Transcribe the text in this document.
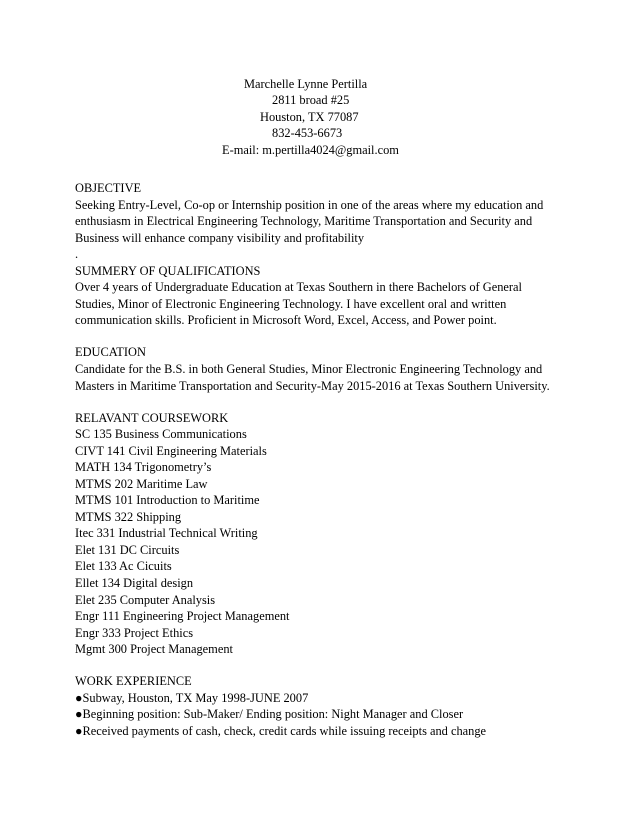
Marchelle Lynne Pertilla
2811 broad #25
Houston, TX 77087
832-453-6673
E-mail: m.pertilla4024@gmail.com
OBJECTIVE
Seeking Entry-Level, Co-op or Internship position in one of the areas where my education and
enthusiasm in Electrical Engineering Technology, Maritime Transportation and Security and
Business will enhance company visibility and profitability
.
SUMMERY OF QUALIFICATIONS
Over 4 years of Undergraduate Education at Texas Southern in there Bachelors of General
Studies, Minor of Electronic Engineering Technology. I have excellent oral and written
communication skills. Proficient in Microsoft Word, Excel, Access, and Power point.
EDUCATION
Candidate for the B.S. in both General Studies, Minor Electronic Engineering Technology and
Masters in Maritime Transportation and Security-May 2015-2016 at Texas Southern University.
RELAVANT COURSEWORK
SC 135 Business Communications
CIVT 141 Civil Engineering Materials
MATH 134 Trigonometry’s
MTMS 202 Maritime Law
MTMS 101 Introduction to Maritime
MTMS 322 Shipping
Itec 331 Industrial Technical Writing
Elet 131 DC Circuits
Elet 133 Ac Cicuits
Ellet 134 Digital design
Elet 235 Computer Analysis
Engr 111 Engineering Project Management
Engr 333 Project Ethics
Mgmt 300 Project Management
WORK EXPERIENCE
●Subway, Houston, TX May 1998-JUNE 2007
●Beginning position: Sub-Maker/ Ending position: Night Manager and Closer
●Received payments of cash, check, credit cards while issuing receipts and change
